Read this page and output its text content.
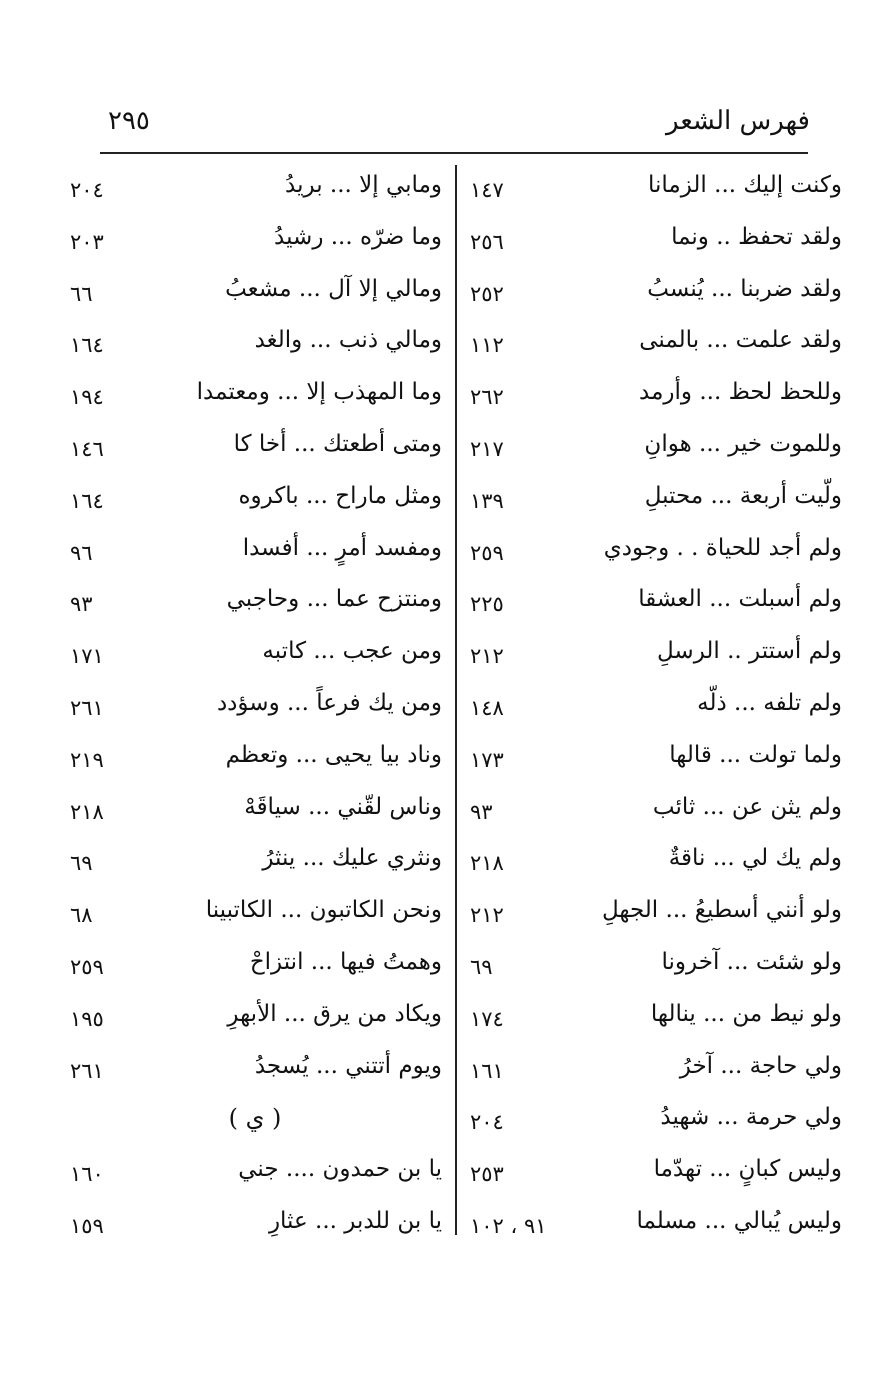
فهرس الشعر
٢٩٥
وكنت إليك ... الزمانا
١٤٧
ولقد تحفظ .. ونما
٢٥٦
ولقد ضربنا ... يُنسبُ
٢٥٢
ولقد علمت ... بالمنى
١١٢
وللحظ لحظ ... وأرمد
٢٦٢
وللموت خير ... هوانِ
٢١٧
ولّيت أربعة ... محتبلِ
١٣٩
ولم أجد للحياة . . وجودي
٢٥٩
ولم أسبلت ... العشقا
٢٢٥
ولم أستتر .. الرسلِ
٢١٢
ولم تلفه ... ذلّه
١٤٨
ولما تولت ... قالها
١٧٣
ولم يثن عن ... ثائب
٩٣
ولم يك لي ... ناقةٌ
٢١٨
ولو أنني أسطيعُ ... الجهلِ
٢١٢
ولو شئت ... آخرونا
٦٩
ولو نيط من ... ينالها
١٧٤
ولي حاجة ... آخرُ
١٦١
ولي حرمة ... شهيدُ
٢٠٤
وليس كبانٍ ... تهدّما
٢٥٣
وليس يُبالي ... مسلما
٩١ ، ١٠٢
ومابي إلا ... بريدُ
٢٠٤
وما ضرّه ... رشيدُ
٢٠٣
ومالي إلا آل ... مشعبُ
٦٦
ومالي ذنب ... والغد
١٦٤
وما المهذب إلا ... ومعتمدا
١٩٤
ومتى أطعتك ... أخا كا
١٤٦
ومثل ماراح ... باكروه
١٦٤
ومفسد أمرٍ ... أفسدا
٩٦
ومنتزح عما ... وحاجبي
٩٣
ومن عجب ... كاتبه
١٧١
ومن يك فرعاً ... وسؤدد
٢٦١
وناد بيا يحيى ... وتعظم
٢١٩
وناس لقّني ... سياقَهْ
٢١٨
ونثري عليك ... ينثرُ
٦٩
ونحن الكاتبون ... الكاتبينا
٦٨
وهمتُ فيها ... انتزاحْ
٢٥٩
ويكاد من يرق ... الأبهرِ
١٩٥
ويوم أتتني ... يُسجدُ
٢٦١
( ي )
يا بن حمدون .... جني
١٦٠
يا بن للدبر ... عثارِ
١٥٩
